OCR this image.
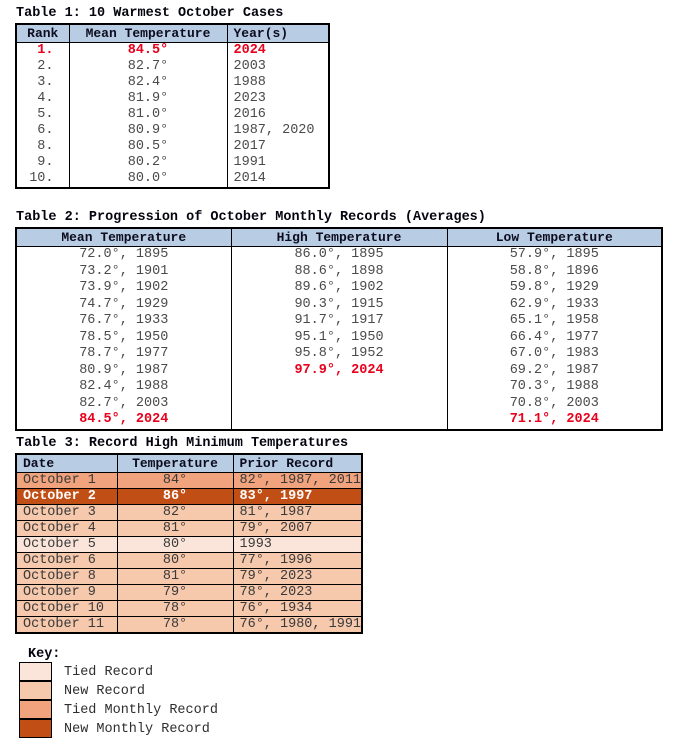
Table 1: 10 Warmest October Cases
Rank	Mean Temperature	Year(s)
1.	84.5°	2024
2.	82.7°	2003
3.	82.4°	1988
4.	81.9°	2023
5.	81.0°	2016
6.	80.9°	1987, 2020
8.	80.5°	2017
9.	80.2°	1991
10.	80.0°	2014
Table 2: Progression of October Monthly Records (Averages)
Mean Temperature	High Temperature	Low Temperature
72.0°, 1895	86.0°, 1895	57.9°, 1895
73.2°, 1901	88.6°, 1898	58.8°, 1896
73.9°, 1902	89.6°, 1902	59.8°, 1929
74.7°, 1929	90.3°, 1915	62.9°, 1933
76.7°, 1933	91.7°, 1917	65.1°, 1958
78.5°, 1950	95.1°, 1950	66.4°, 1977
78.7°, 1977	95.8°, 1952	67.0°, 1983
80.9°, 1987	97.9°, 2024	69.2°, 1987
82.4°, 1988		70.3°, 1988
82.7°, 2003		70.8°, 2003
84.5°, 2024		71.1°, 2024
Table 3: Record High Minimum Temperatures
Date	Temperature	Prior Record
October 1	84°	82°, 1987, 2011
October 2	86°	83°, 1997
October 3	82°	81°, 1987
October 4	81°	79°, 2007
October 5	80°	1993
October 6	80°	77°, 1996
October 8	81°	79°, 2023
October 9	79°	78°, 2023
October 10	78°	76°, 1934
October 11	78°	76°, 1980, 1991
Key:
Tied Record
New Record
Tied Monthly Record
New Monthly Record
